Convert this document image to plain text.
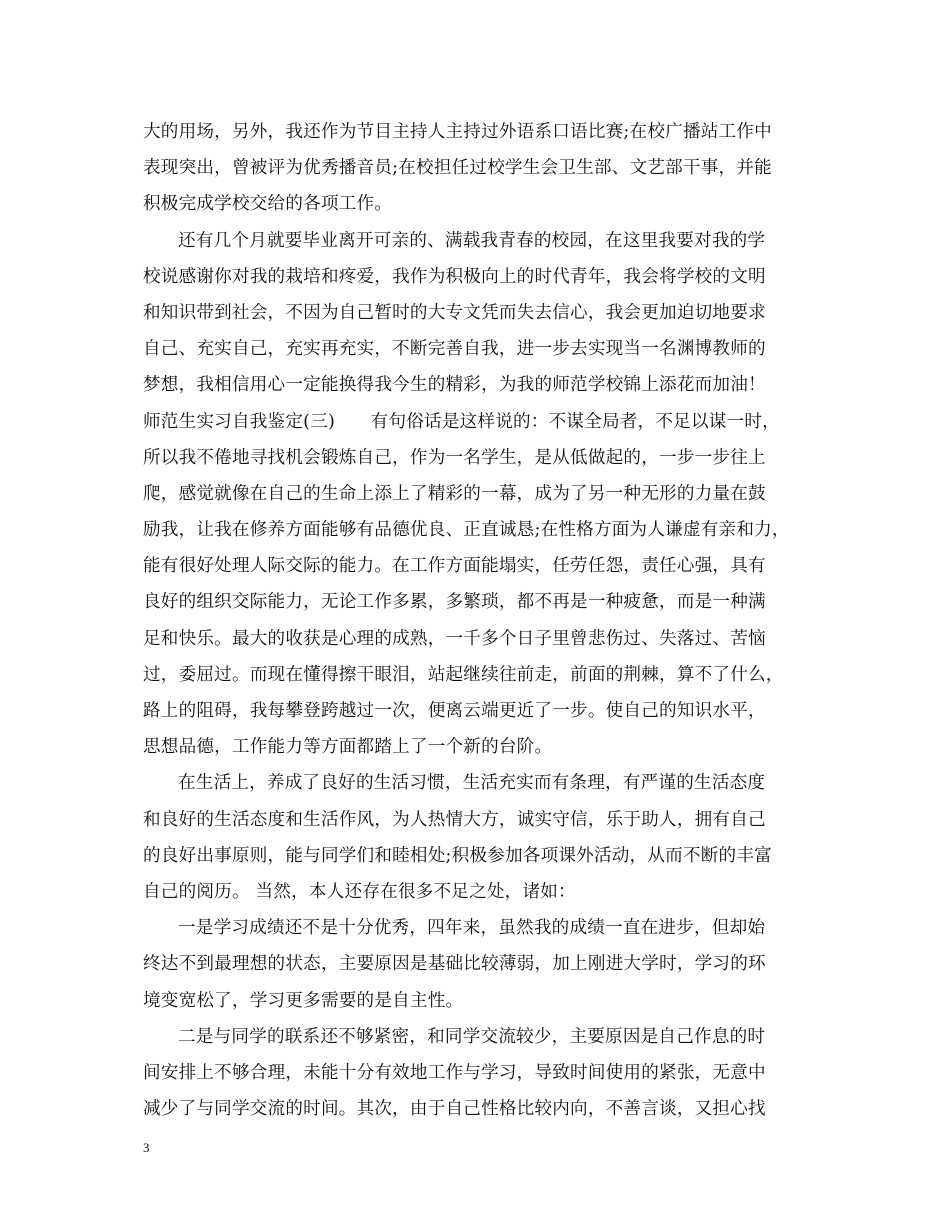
大的用场，另外，我还作为节目主持人主持过外语系口语比赛;在校广播站工作中
表现突出，曾被评为优秀播音员;在校担任过校学生会卫生部、文艺部干事，并能
积极完成学校交给的各项工作。
还有几个月就要毕业离开可亲的、满载我青春的校园，在这里我要对我的学
校说感谢你对我的栽培和疼爱，我作为积极向上的时代青年，我会将学校的文明
和知识带到社会，不因为自己暂时的大专文凭而失去信心，我会更加迫切地要求
自己、充实自己，充实再充实，不断完善自我，进一步去实现当一名渊博教师的
梦想，我相信用心一定能换得我今生的精彩，为我的师范学校锦上添花而加油！
师范生实习自我鉴定(三)　　有句俗话是这样说的：不谋全局者，不足以谋一时，
所以我不倦地寻找机会锻炼自己，作为一名学生，是从低做起的，一步一步往上
爬，感觉就像在自己的生命上添上了精彩的一幕，成为了另一种无形的力量在鼓
励我，让我在修养方面能够有品德优良、正直诚恳;在性格方面为人谦虚有亲和力，
能有很好处理人际交际的能力。在工作方面能塌实，任劳任怨，责任心强，具有
良好的组织交际能力，无论工作多累，多繁琐，都不再是一种疲惫，而是一种满
足和快乐。最大的收获是心理的成熟，一千多个日子里曾悲伤过、失落过、苦恼
过，委屈过。而现在懂得擦干眼泪，站起继续往前走，前面的荆棘，算不了什么，
路上的阻碍，我每攀登跨越过一次，便离云端更近了一步。使自己的知识水平，
思想品德，工作能力等方面都踏上了一个新的台阶。
在生活上，养成了良好的生活习惯，生活充实而有条理，有严谨的生活态度
和良好的生活态度和生活作风，为人热情大方，诚实守信，乐于助人，拥有自己
的良好出事原则，能与同学们和睦相处;积极参加各项课外活动，从而不断的丰富
自己的阅历。 当然，本人还存在很多不足之处，诸如：
一是学习成绩还不是十分优秀，四年来，虽然我的成绩一直在进步，但却始
终达不到最理想的状态，主要原因是基础比较薄弱，加上刚进大学时，学习的环
境变宽松了，学习更多需要的是自主性。
二是与同学的联系还不够紧密，和同学交流较少，主要原因是自己作息的时
间安排上不够合理，未能十分有效地工作与学习，导致时间使用的紧张，无意中
减少了与同学交流的时间。其次，由于自己性格比较内向，不善言谈，又担心找
3
